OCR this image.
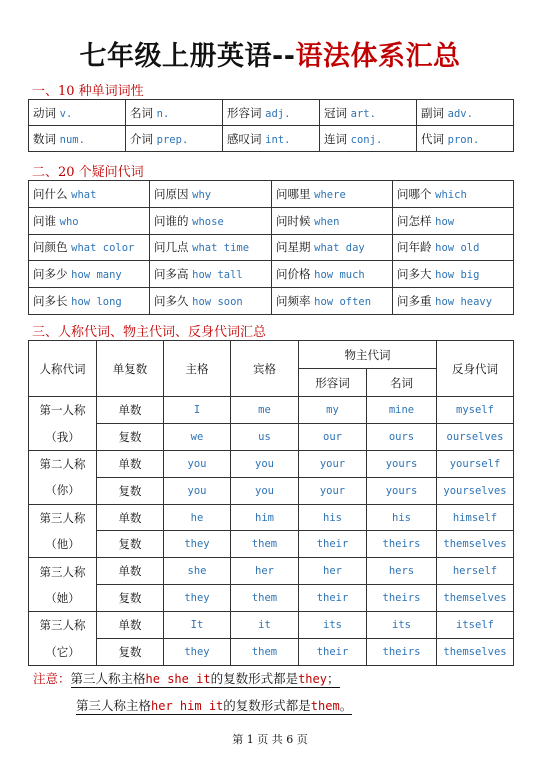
七年级上册英语--语法体系汇总
一、10 种单词词性
动词 v.	名词 n.	形容词 adj.	冠词 art.	副词 adv.
数词 num.	介词 prep.	感叹词 int.	连词 conj.	代词 pron.
二、20 个疑问代词
问什么 what	问原因 why	问哪里 where	问哪个 which
问谁 who	问谁的 whose	问时候 when	问怎样 how
问颜色 what color	问几点 what time	问星期 what day	问年龄 how old
问多少 how many	问多高 how tall	问价格 how much	问多大 how big
问多长 how long	问多久 how soon	问频率 how often	问多重 how heavy
三、人称代词、物主代词、反身代词汇总
人称代词	单复数	主格	宾格	物主代词		反身代词
				形容词	名词	
第一人称	单数	I	me	my	mine	myself
（我）	复数	we	us	our	ours	ourselves
第二人称	单数	you	you	your	yours	yourself
（你）	复数	you	you	your	yours	yourselves
第三人称	单数	he	him	his	his	himself
（他）	复数	they	them	their	theirs	themselves
第三人称	单数	she	her	her	hers	herself
（她）	复数	they	them	their	theirs	themselves
第三人称	单数	It	it	its	its	itself
（它）	复数	they	them	their	theirs	themselves
注意：第三人称主格he she it的复数形式都是they；
第三人称主格her him it的复数形式都是them。
第 1 页 共 6 页
